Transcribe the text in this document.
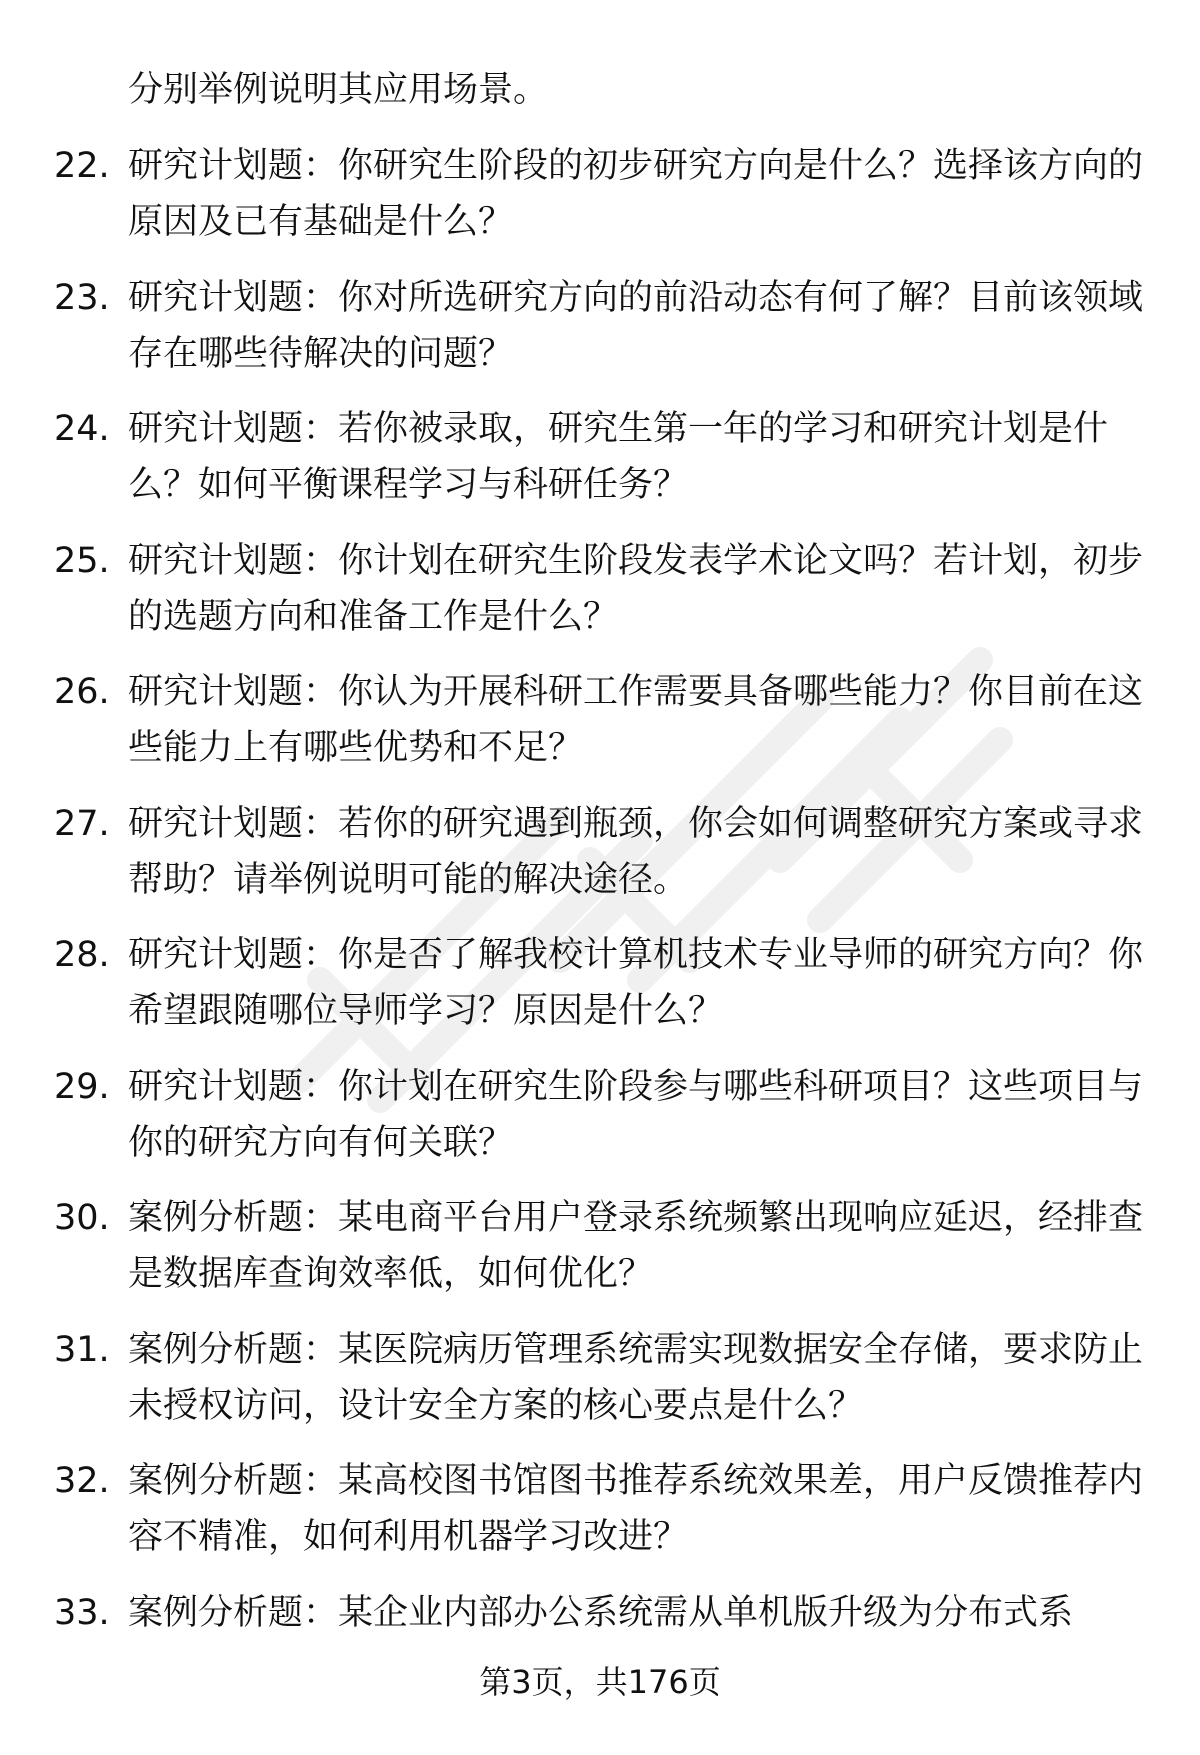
分别举例说明其应用场景。

22. 研究计划题：你研究生阶段的初步研究方向是什么？选择该方向的原因及已有基础是什么？
23. 研究计划题：你对所选研究方向的前沿动态有何了解？目前该领域存在哪些待解决的问题？
24. 研究计划题：若你被录取，研究生第一年的学习和研究计划是什么？如何平衡课程学习与科研任务？
25. 研究计划题：你计划在研究生阶段发表学术论文吗？若计划，初步的选题方向和准备工作是什么？
26. 研究计划题：你认为开展科研工作需要具备哪些能力？你目前在这些能力上有哪些优势和不足？
27. 研究计划题：若你的研究遇到瓶颈，你会如何调整研究方案或寻求帮助？请举例说明可能的解决途径。
28. 研究计划题：你是否了解我校计算机技术专业导师的研究方向？你希望跟随哪位导师学习？原因是什么？
29. 研究计划题：你计划在研究生阶段参与哪些科研项目？这些项目与你的研究方向有何关联？
30. 案例分析题：某电商平台用户登录系统频繁出现响应延迟，经排查是数据库查询效率低，如何优化？
31. 案例分析题：某医院病历管理系统需实现数据安全存储，要求防止未授权访问，设计安全方案的核心要点是什么？
32. 案例分析题：某高校图书馆图书推荐系统效果差，用户反馈推荐内容不精准，如何利用机器学习改进？
33. 案例分析题：某企业内部办公系统需从单机版升级为分布式系
第3页，共176页
